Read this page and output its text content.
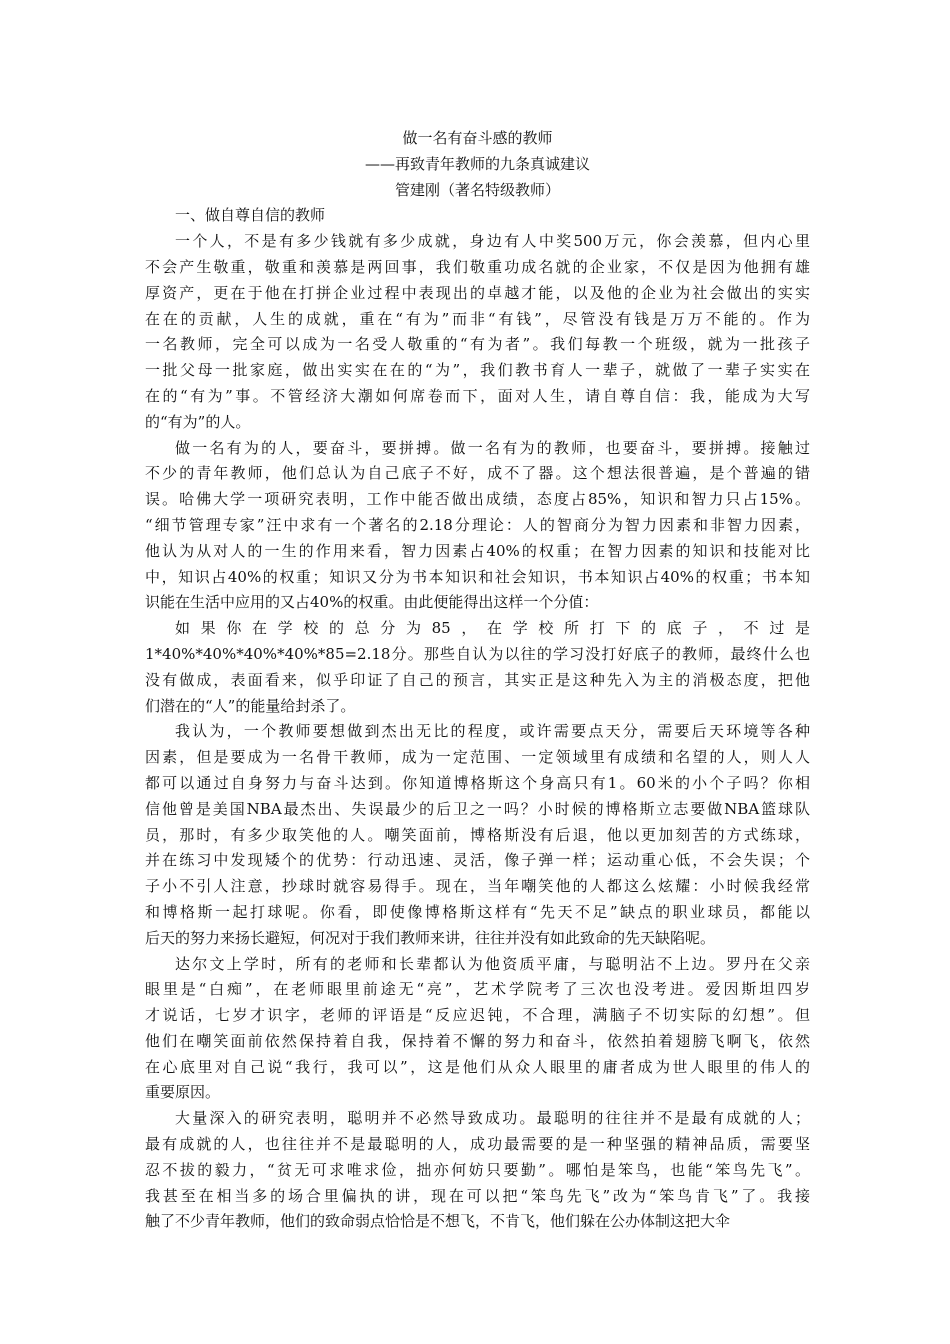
做一名有奋斗感的教师
——再致青年教师的九条真诚建议
管建刚（著名特级教师）
一、做自尊自信的教师
一个人，不是有多少钱就有多少成就，身边有人中奖500万元，你会羡慕，但内心里
不会产生敬重，敬重和羡慕是两回事，我们敬重功成名就的企业家，不仅是因为他拥有雄
厚资产，更在于他在打拼企业过程中表现出的卓越才能，以及他的企业为社会做出的实实
在在的贡献，人生的成就，重在“有为”而非“有钱”，尽管没有钱是万万不能的。作为
一名教师，完全可以成为一名受人敬重的“有为者”。我们每教一个班级，就为一批孩子
一批父母一批家庭，做出实实在在的“为”，我们教书育人一辈子，就做了一辈子实实在
在的“有为”事。不管经济大潮如何席卷而下，面对人生，请自尊自信：我，能成为大写
的“有为”的人。
做一名有为的人，要奋斗，要拼搏。做一名有为的教师，也要奋斗，要拼搏。接触过
不少的青年教师，他们总认为自己底子不好，成不了器。这个想法很普遍，是个普遍的错
误。哈佛大学一项研究表明，工作中能否做出成绩，态度占85%，知识和智力只占15%。
“细节管理专家”汪中求有一个著名的2.18分理论：人的智商分为智力因素和非智力因素，
他认为从对人的一生的作用来看，智力因素占40%的权重；在智力因素的知识和技能对比
中，知识占40%的权重；知识又分为书本知识和社会知识，书本知识占40%的权重；书本知
识能在生活中应用的又占40%的权重。由此便能得出这样一个分值：
如果你在学校的总分为85，在学校所打下的底子，不过是
1*40%*40%*40%*40%*85=2.18分。那些自认为以往的学习没打好底子的教师，最终什么也
没有做成，表面看来，似乎印证了自己的预言，其实正是这种先入为主的消极态度，把他
们潜在的“人”的能量给封杀了。
我认为，一个教师要想做到杰出无比的程度，或许需要点天分，需要后天环境等各种
因素，但是要成为一名骨干教师，成为一定范围、一定领域里有成绩和名望的人，则人人
都可以通过自身努力与奋斗达到。你知道博格斯这个身高只有1。60米的小个子吗？你相
信他曾是美国NBA最杰出、失误最少的后卫之一吗？小时候的博格斯立志要做NBA篮球队
员，那时，有多少取笑他的人。嘲笑面前，博格斯没有后退，他以更加刻苦的方式练球，
并在练习中发现矮个的优势：行动迅速、灵活，像子弹一样；运动重心低，不会失误；个
子小不引人注意，抄球时就容易得手。现在，当年嘲笑他的人都这么炫耀：小时候我经常
和博格斯一起打球呢。你看，即使像博格斯这样有“先天不足”缺点的职业球员，都能以
后天的努力来扬长避短，何况对于我们教师来讲，往往并没有如此致命的先天缺陷呢。
达尔文上学时，所有的老师和长辈都认为他资质平庸，与聪明沾不上边。罗丹在父亲
眼里是“白痴”，在老师眼里前途无“亮”，艺术学院考了三次也没考进。爱因斯坦四岁
才说话，七岁才识字，老师的评语是“反应迟钝，不合理，满脑子不切实际的幻想”。但
他们在嘲笑面前依然保持着自我，保持着不懈的努力和奋斗，依然拍着翅膀飞啊飞，依然
在心底里对自己说“我行，我可以”，这是他们从众人眼里的庸者成为世人眼里的伟人的
重要原因。
大量深入的研究表明，聪明并不必然导致成功。最聪明的往往并不是最有成就的人；
最有成就的人，也往往并不是最聪明的人，成功最需要的是一种坚强的精神品质，需要坚
忍不拔的毅力，“贫无可求唯求俭，拙亦何妨只要勤”。哪怕是笨鸟，也能“笨鸟先飞”。
我甚至在相当多的场合里偏执的讲，现在可以把“笨鸟先飞”改为“笨鸟肯飞”了。我接
触了不少青年教师，他们的致命弱点恰恰是不想飞，不肯飞，他们躲在公办体制这把大伞
